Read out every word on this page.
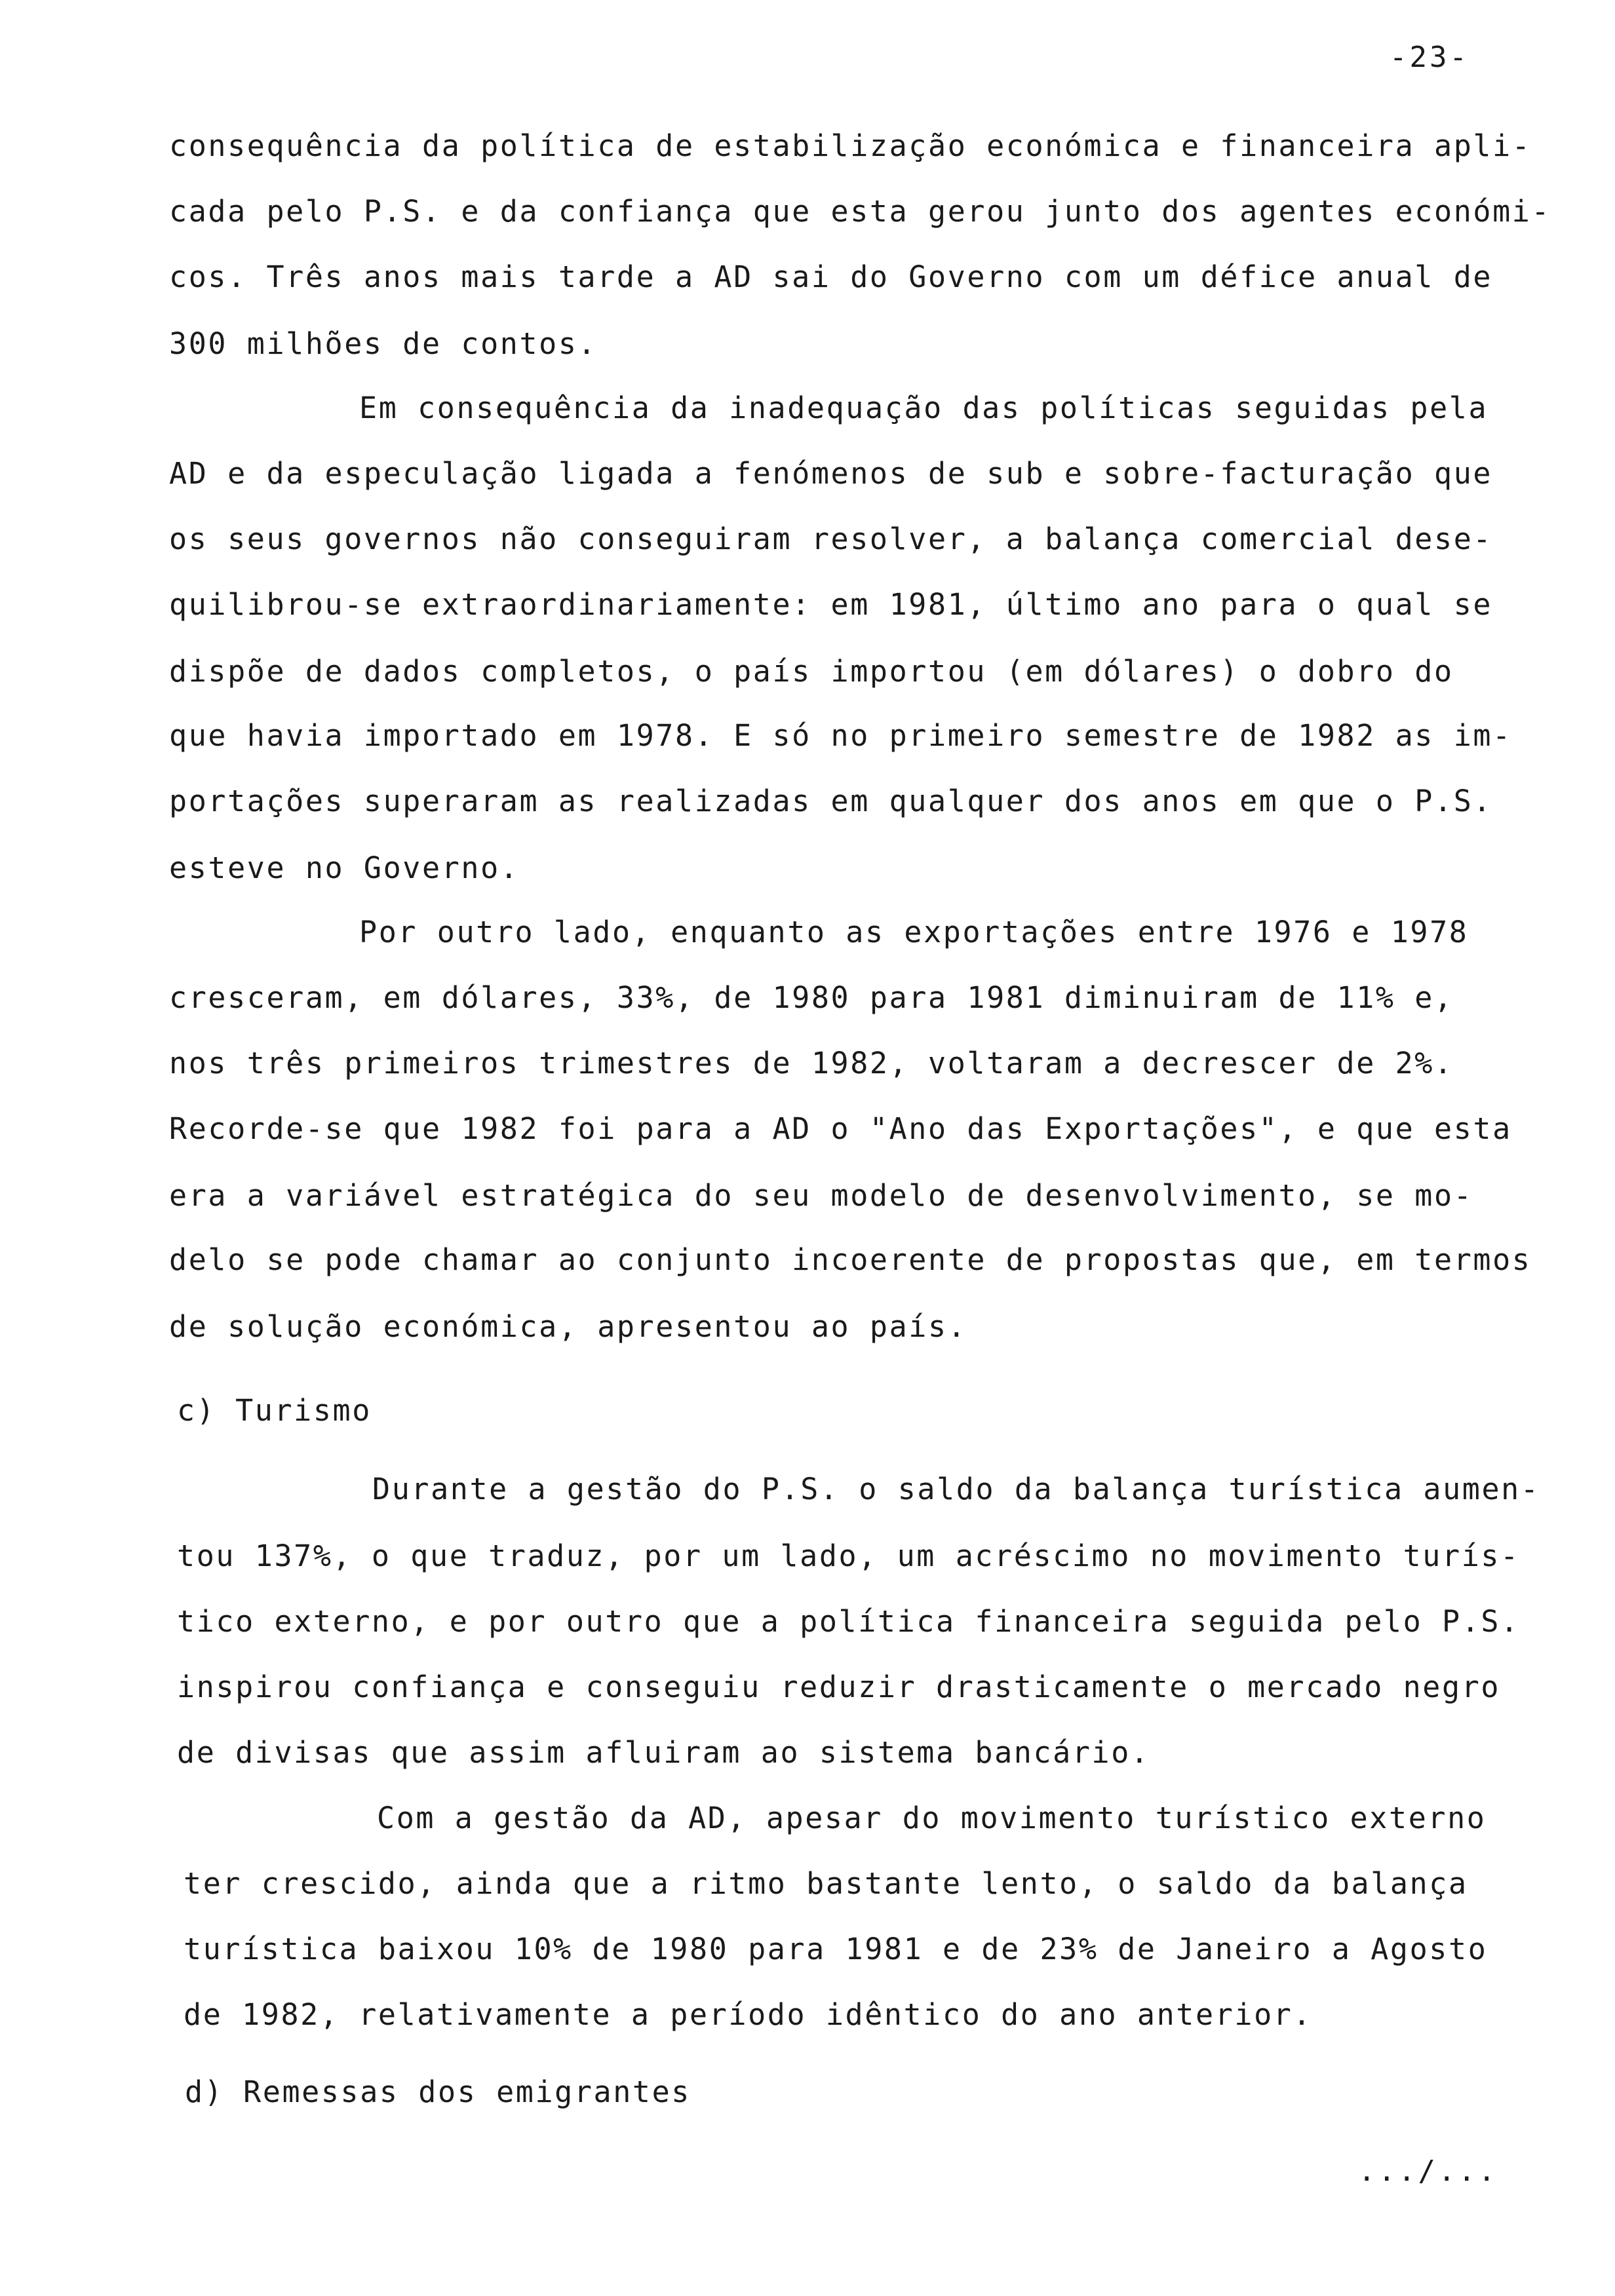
-23-
consequência da política de estabilização económica e financeira apli-
cada pelo P.S. e da confiança que esta gerou junto dos agentes económi-
cos. Três anos mais tarde a AD sai do Governo com um défice anual de
300 milhões de contos.
Em consequência da inadequação das políticas seguidas pela
AD e da especulação ligada a fenómenos de sub e sobre-facturação que
os seus governos não conseguiram resolver, a balança comercial dese-
quilibrou-se extraordinariamente: em 1981, último ano para o qual se
dispõe de dados completos, o país importou (em dólares) o dobro do
que havia importado em 1978. E só no primeiro semestre de 1982 as im-
portações superaram as realizadas em qualquer dos anos em que o P.S.
esteve no Governo.
Por outro lado, enquanto as exportações entre 1976 e 1978
cresceram, em dólares, 33%, de 1980 para 1981 diminuiram de 11% e,
nos três primeiros trimestres de 1982, voltaram a decrescer de 2%.
Recorde-se que 1982 foi para a AD o "Ano das Exportações", e que esta
era a variável estratégica do seu modelo de desenvolvimento, se mo-
delo se pode chamar ao conjunto incoerente de propostas que, em termos
de solução económica, apresentou ao país.
c) Turismo
Durante a gestão do P.S. o saldo da balança turística aumen-
tou 137%, o que traduz, por um lado, um acréscimo no movimento turís-
tico externo, e por outro que a política financeira seguida pelo P.S.
inspirou confiança e conseguiu reduzir drasticamente o mercado negro
de divisas que assim afluiram ao sistema bancário.
Com a gestão da AD, apesar do movimento turístico externo
ter crescido, ainda que a ritmo bastante lento, o saldo da balança
turística baixou 10% de 1980 para 1981 e de 23% de Janeiro a Agosto
de 1982, relativamente a período idêntico do ano anterior.
d) Remessas dos emigrantes
.../...
